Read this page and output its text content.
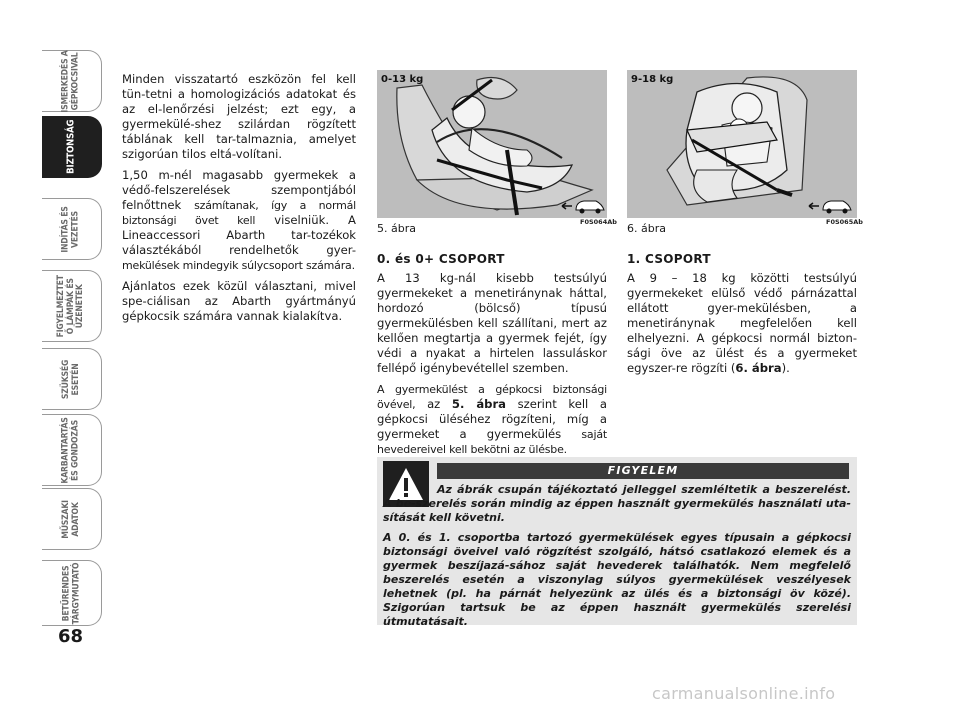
ISMERKEDÉS A
GÉPKOCSIVAL
BIZTONSÁG
INDÍTÁS ÉS
VEZETÉS
FIGYELMEZTET
Ő LÁMPÁK ÉS
ÜZENETEK
SZÜKSÉG
ESETÉN
KARBANTARTÁS
ÉS GONDOZÁS
MŰSZAKI
ADATOK
BETŰRENDES
TÁRGYMUTATÓ
68

Minden visszatartó eszközön fel kell tün-tetni a homologizációs adatokat és az el-lenőrzési jelzést; ezt egy, a gyermekülé-shez szilárdan rögzített táblának kell tar-talmaznia, amelyet szigorúan tilos eltá-volítani.

1,50 m-nél magasabb gyermekek a védő-felszerelések szempontjából felnőttnek számítanak, így a normál biztonsági övet kell viselniük. A Lineaccessori Abarth tar-tozékok választékából rendelhetők gyer-mekülések mindegyik súlycsoport számára.

Ajánlatos ezek közül választani, mivel spe-ciálisan az Abarth gyártmányú gépkocsik számára vannak kialakítva.

0-13 kg
F0S064Ab
5. ábra
9-18 kg
F0S065Ab
6. ábra
0. és 0+ CSOPORT

A 13 kg-nál kisebb testsúlyú gyermekeket a menetiránynak háttal, hordozó (bölcső) típusú gyermekülésben kell szállítani, mert az kellően megtartja a gyermek fejét, így védi a nyakat a hirtelen lassuláskor fellépő igénybevétellel szemben.

A gyermekülést a gépkocsi biztonsági övével, az 5. ábra szerint kell a gépkocsi üléséhez rögzíteni, míg a gyermeket a gyermekülés saját hevedereivel kell bekötni az ülésbe.

1. CSOPORT

A 9 – 18 kg közötti testsúlyú gyermekeket elülső védő párnázattal ellátott gyer-mekülésben, a menetiránynak megfelelően kell elhelyezni. A gépkocsi normál bizton-sági öve az ülést és a gyermeket egyszer-re rögzíti (6. ábra).

FIGYELEM

Az ábrák csupán tájékoztató jelleggel szemléltetik a beszerelést. A be-szerelés során mindig az éppen használt gyermekülés használati uta-sítását kell követni.

A 0. és 1. csoportba tartozó gyermekülések egyes típusain a gépkocsi biztonsági öveivel való rögzítést szolgáló, hátsó csatlakozó elemek és a gyermek beszíjazá-sához saját hevederek találhatók. Nem megfelelő beszerelés esetén a viszonylag súlyos gyermekülések veszélyesek lehetnek (pl. ha párnát helyezünk az ülés és a biztonsági öv közé). Szigorúan tartsuk be az éppen használt gyermekülés szerelési útmutatásait.

carmanualsonline.info
